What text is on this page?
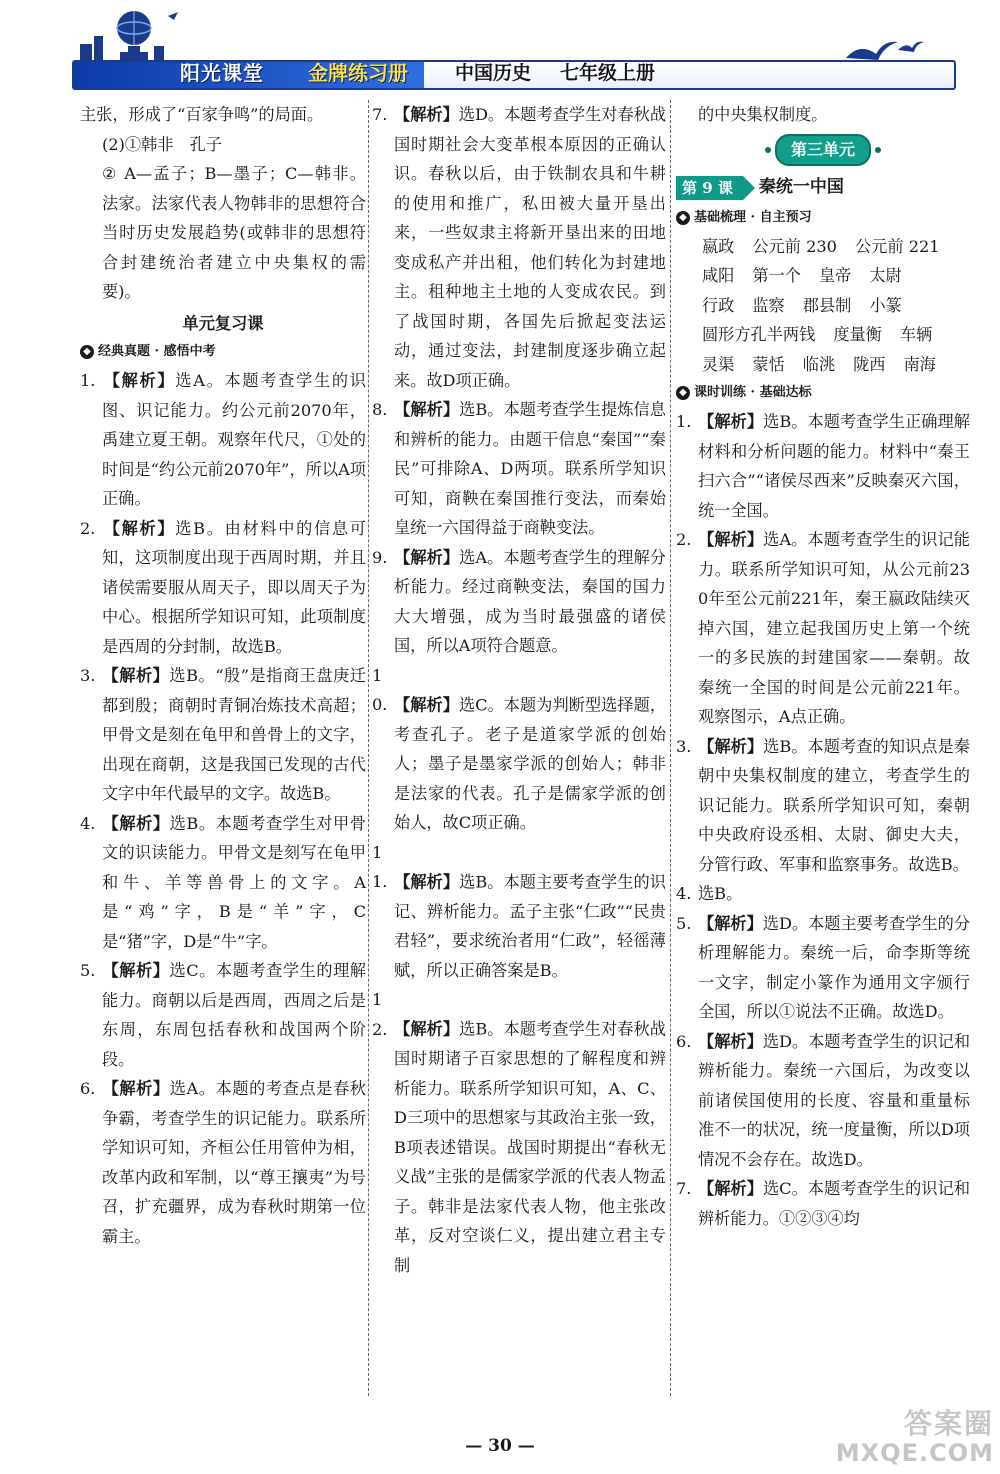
阳光课堂 金牌练习册 中国历史 七年级上册

主张，形成了“百家争鸣”的局面。

(2)①韩非　孔子

② A—孟子；B—墨子；C—韩非。法家。法家代表人物韩非的思想符合当时历史发展趋势(或韩非的思想符合封建统治者建立中央集权的需要)。

单元复习课

◆ 经典真题 · 感悟中考

1. 【解析】选A。本题考查学生的识图、识记能力。约公元前2070年，禹建立夏王朝。观察年代尺，①处的时间是“约公元前2070年”，所以A项正确。

2. 【解析】选B。由材料中的信息可知，这项制度出现于西周时期，并且诸侯需要服从周天子，即以周天子为中心。根据所学知识可知，此项制度是西周的分封制，故选B。

3. 【解析】选B。“殷”是指商王盘庚迁都到殷；商朝时青铜冶炼技术高超；甲骨文是刻在龟甲和兽骨上的文字，出现在商朝，这是我国已发现的古代文字中年代最早的文字。故选B。

4. 【解析】选B。本题考查学生对甲骨文的识读能力。甲骨文是刻写在龟甲和牛、羊等兽骨上的文字。A是“鸡”字，B是“羊”字，C是“猪”字，D是“牛”字。

5. 【解析】选C。本题考查学生的理解能力。商朝以后是西周，西周之后是东周，东周包括春秋和战国两个阶段。

6. 【解析】选A。本题的考查点是春秋争霸，考查学生的识记能力。联系所学知识可知，齐桓公任用管仲为相，改革内政和军制，以“尊王攘夷”为号召，扩充疆界，成为春秋时期第一位霸主。

7. 【解析】选D。本题考查学生对春秋战国时期社会大变革根本原因的正确认识。春秋以后，由于铁制农具和牛耕的使用和推广，私田被大量开垦出来，一些奴隶主将新开垦出来的田地变成私产并出租，他们转化为封建地主。租种地主土地的人变成农民。到了战国时期，各国先后掀起变法运动，通过变法，封建制度逐步确立起来。故D项正确。

8. 【解析】选B。本题考查学生提炼信息和辨析的能力。由题干信息“秦国”“秦民”可排除A、D两项。联系所学知识可知，商鞅在秦国推行变法，而秦始皇统一六国得益于商鞅变法。

9. 【解析】选A。本题考查学生的理解分析能力。经过商鞅变法，秦国的国力大大增强，成为当时最强盛的诸侯国，所以A项符合题意。

10. 【解析】选C。本题为判断型选择题，考查孔子。老子是道家学派的创始人；墨子是墨家学派的创始人；韩非是法家的代表。孔子是儒家学派的创始人，故C项正确。

11. 【解析】选B。本题主要考查学生的识记、辨析能力。孟子主张“仁政”“民贵君轻”，要求统治者用“仁政”，轻徭薄赋，所以正确答案是B。

12. 【解析】选B。本题考查学生对春秋战国时期诸子百家思想的了解程度和辨析能力。联系所学知识可知，A、C、D三项中的思想家与其政治主张一致，B项表述错误。战国时期提出“春秋无义战”主张的是儒家学派的代表人物孟子。韩非是法家代表人物，他主张改革，反对空谈仁义，提出建立君主专制

的中央集权制度。

第三单元
第 9 课	秦统一中国
◆ 基础梳理 · 自主预习
嬴政 公元前 230 公元前 221
咸阳 第一个 皇帝 太尉
行政 监察 郡县制 小篆
圆形方孔半两钱 度量衡 车辆
灵渠 蒙恬 临洮 陇西 南海
◆ 课时训练 · 基础达标

1. 【解析】选B。本题考查学生正确理解材料和分析问题的能力。材料中“秦王扫六合”“诸侯尽西来”反映秦灭六国，统一全国。

2. 【解析】选A。本题考查学生的识记能力。联系所学知识可知，从公元前230年至公元前221年，秦王嬴政陆续灭掉六国，建立起我国历史上第一个统一的多民族的封建国家——秦朝。故秦统一全国的时间是公元前221年。观察图示，A点正确。

3. 【解析】选B。本题考查的知识点是秦朝中央集权制度的建立，考查学生的识记能力。联系所学知识可知，秦朝中央政府设丞相、太尉、御史大夫，分管行政、军事和监察事务。故选B。

4. 选B。

5. 【解析】选D。本题主要考查学生的分析理解能力。秦统一后，命李斯等统一文字，制定小篆作为通用文字颁行全国，所以①说法不正确。故选D。

6. 【解析】选D。本题考查学生的识记和辨析能力。秦统一六国后，为改变以前诸侯国使用的长度、容量和重量标准不一的状况，统一度量衡，所以D项情况不会存在。故选D。

7. 【解析】选C。本题考查学生的识记和辨析能力。①②③④均

— 30 —
答案圈
MXQE.COM
